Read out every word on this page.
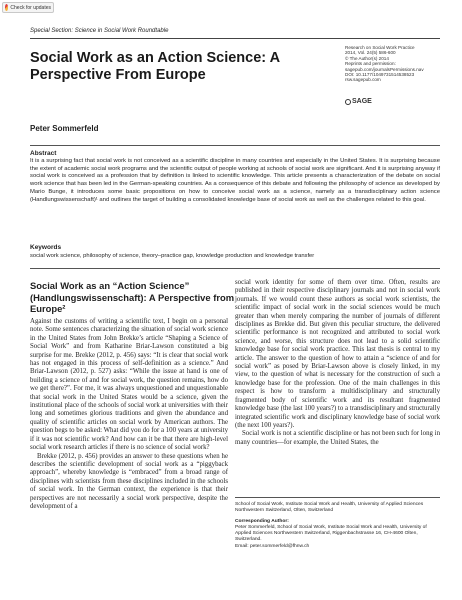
Check for updates
Special Section: Science in Social Work Roundtable
Social Work as an Action Science: A Perspective From Europe
Research on Social Work Practice
2014, Vol. 24(5) 586-600
© The Author(s) 2014
Reprints and permission:
sagepub.com/journalsPermissions.nav
DOI: 10.1177/1049731514538523
rsw.sagepub.com
SAGE
Peter Sommerfeld
Abstract
It is a surprising fact that social work is not conceived as a scientific discipline in many countries and especially in the United States. It is surprising because the extent of academic social work programs and the scientific output of people working at schools of social work are significant. And it is surprising anyway if social work is conceived as a profession that by definition is linked to scientific knowledge. This article presents a characterization of the debate on social work science that has been led in the German-speaking countries. As a consequence of this debate and following the philosophy of science as developed by Mario Bunge, it introduces some basic propositions on how to conceive social work as a science, namely as a transdisciplinary action science (Handlungswissenschaft)¹ and outlines the target of building a consolidated knowledge base of social work as well as the challenges related to this goal.
Keywords
social work science, philosophy of science, theory–practice gap, knowledge production and knowledge transfer
Social Work as an “Action Science” (Handlungswissenschaft): A Perspective from Europe²

Against the customs of writing a scientific text, I begin on a personal note. Some sentences characterizing the situation of social work science in the United States from John Brekke’s article “Shaping a Science of Social Work” and from Katharine Briar-Lawson constituted a big surprise for me. Brekke (2012, p. 456) says: “It is clear that social work has not engaged in this process of self-definition as a science.” And Briar-Lawson (2012, p. 527) asks: “While the issue at hand is one of building a science of and for social work, the question remains, how do we get there?”. For me, it was always unquestioned and unquestionable that social work in the United States would be a science, given the institutional place of the schools of social work at universities with their long and sometimes glorious traditions and given the abundance and quality of scientific articles on social work by American authors. The question begs to be asked: What did you do for a 100 years at university if it was not scientific work? And how can it be that there are high-level social work research articles if there is no science of social work?

Brekke (2012, p. 456) provides an answer to these questions when he describes the scientific development of social work as a “piggyback approach”, whereby knowledge is “embraced” from a broad range of disciplines with scientists from these disciplines included in the schools of social work. In the German context, the experience is that their perspectives are not necessarily a social work perspective, despite the development of a

social work identity for some of them over time. Often, results are published in their respective disciplinary journals and not in social work journals. If we would count these authors as social work scientists, the scientific impact of social work in the social sciences would be much greater than when merely comparing the number of journals of different disciplines as Brekke did. But given this peculiar structure, the delivered scientific performance is not recognized and attributed to social work science, and worse, this structure does not lead to a solid scientific knowledge base for social work practice. This last thesis is central to my article. The answer to the question of how to attain a “science of and for social work” as posed by Briar-Lawson above is closely linked, in my view, to the question of what is necessary for the construction of such a knowledge base for the profession. One of the main challenges in this respect is how to transform a multidisciplinary and structurally fragmented body of scientific work and its resultant fragmented knowledge base (the last 100 years?) to a transdisciplinary and structurally integrated scientific work and disciplinary knowledge base of social work (the next 100 years?).

Social work is not a scientific discipline or has not been such for long in many countries—for example, the United States, the

School of Social Work, Institute Social Work and Health, University of Applied Sciences Northwestern Switzerland, Olten, Switzerland
Corresponding Author:
Peter Sommerfeld, School of Social Work, Institute Social Work and Health, University of Applied Sciences Northwestern Switzerland, Riggenbachstrasse 16, CH-4600 Olten, Switzerland.
Email: peter.sommerfeld@fhnw.ch
